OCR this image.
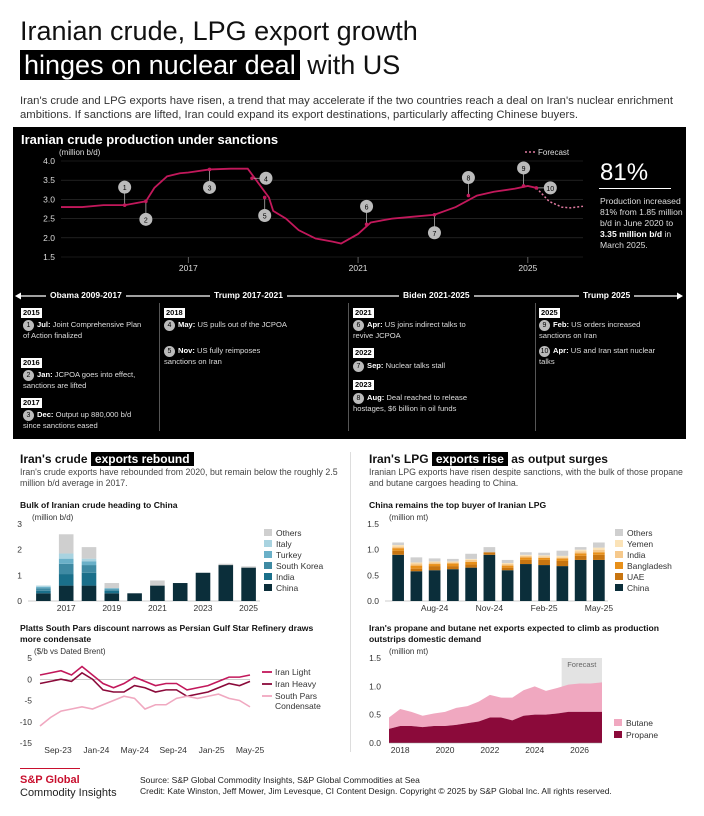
Iranian crude, LPG export growth
hinges on nuclear deal with US
Iran's crude and LPG exports have risen, a trend that may accelerate if the two countries reach a deal on Iran's nuclear enrichment ambitions. If sanctions are lifted, Iran could expand its export destinations, particularly affecting Chinese buyers.
Iranian crude production under sanctions
(million b/d)
1.5
2.0
2.5
3.0
3.5
4.0
2017	2021	2025
Forecast
1
2
3
4
5
6
7
8
9
10
81%
Production increased 81% from 1.85 million b/d in June 2020 to 3.35 million b/d in March 2025.
Obama 2009-2017	Trump 2017-2021	Biden 2021-2025	Trump 2025
2015
1 Jul: Joint Comprehensive Plan of Action finalized
2016
2 Jan: JCPOA goes into effect, sanctions are lifted
2017
3 Dec: Output up 880,000 b/d since sanctions eased
2018
4 May: US pulls out of the JCPOA
5 Nov: US fully reimposes sanctions on Iran
2021
6 Apr: US joins indirect talks to revive JCPOA
2022
7 Sep: Nuclear talks stall
2023
8 Aug: Deal reached to release hostages, $6 billion in oil funds
2025
9 Feb: US orders increased sanctions on Iran
10 Apr: US and Iran start nuclear talks
Iran's crude exports rebound
Iran's crude exports have rebounded from 2020, but remain below the roughly 2.5 million b/d average in 2017.
Iran's LPG exports rise as output surges
Iranian LPG exports have risen despite sanctions, with the bulk of those propane and butane cargoes heading to China.
Bulk of Iranian crude heading to China	China remains the top buyer of Iranian LPG
Platts South Pars discount narrows as Persian Gulf Star Refinery draws more condensate
Iran's propane and butane net exports expected to climb as production outstrips domestic demand
(million b/d)
0
1
2
3
2017	2019	2021	2023	2025
Others
Italy
Turkey
South Korea
India
China
(million mt)
0.0
0.5
1.0
1.5
Aug-24	Nov-24	Feb-25	May-25
Others
Yemen
India
Bangladesh
UAE
China
($/b vs Dated Brent)
5
0
-5
-10
-15
Iran Light
Iran Heavy
South Pars
Condensate
Sep-23 Jan-24 May-24 Sep-24 Jan-25 May-25
Forecast
(million mt)
0.0
0.5
1.0
1.5
2018	2020	2022	2024	2026
Butane
Propane
S&P Global
Commodity Insights
Source: S&P Global Commodity Insights, S&P Global Commodities at Sea
Credit: Kate Winston, Jeff Mower, Jim Levesque, CI Content Design. Copyright © 2025 by S&P Global Inc. All rights reserved.
